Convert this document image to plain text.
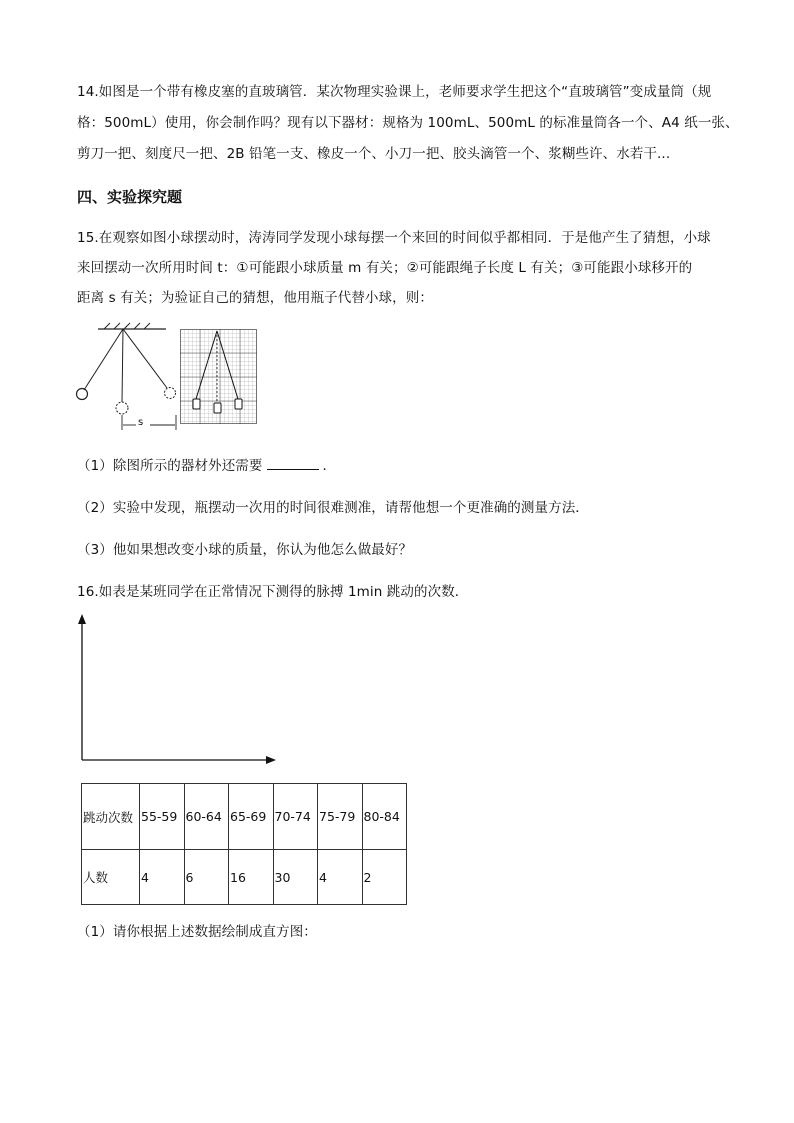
14.如图是一个带有橡皮塞的直玻璃管．某次物理实验课上，老师要求学生把这个“直玻璃管”变成量筒（规
格：500mL）使用，你会制作吗？现有以下器材：规格为 100mL、500mL 的标准量筒各一个、A4 纸一张、
剪刀一把、刻度尺一把、2B 铅笔一支、橡皮一个、小刀一把、胶头滴管一个、浆糊些许、水若干...
四、实验探究题
15.在观察如图小球摆动时，涛涛同学发现小球每摆一个来回的时间似乎都相同．于是他产生了猜想，小球
来回摆动一次所用时间 t：①可能跟小球质量 m 有关；②可能跟绳子长度 L 有关；③可能跟小球移开的
距离 s 有关；为验证自己的猜想，他用瓶子代替小球，则：
s
（1）除图所示的器材外还需要	．
（2）实验中发现，瓶摆动一次用的时间很难测准，请帮他想一个更准确的测量方法．
（3）他如果想改变小球的质量，你认为他怎么做最好？
16.如表是某班同学在正常情况下测得的脉搏 1min 跳动的次数．
跳动次数	55-59	60-64	65-69	70-74	75-79	80-84
人数	4	6	16	30	4	2
（1）请你根据上述数据绘制成直方图：
